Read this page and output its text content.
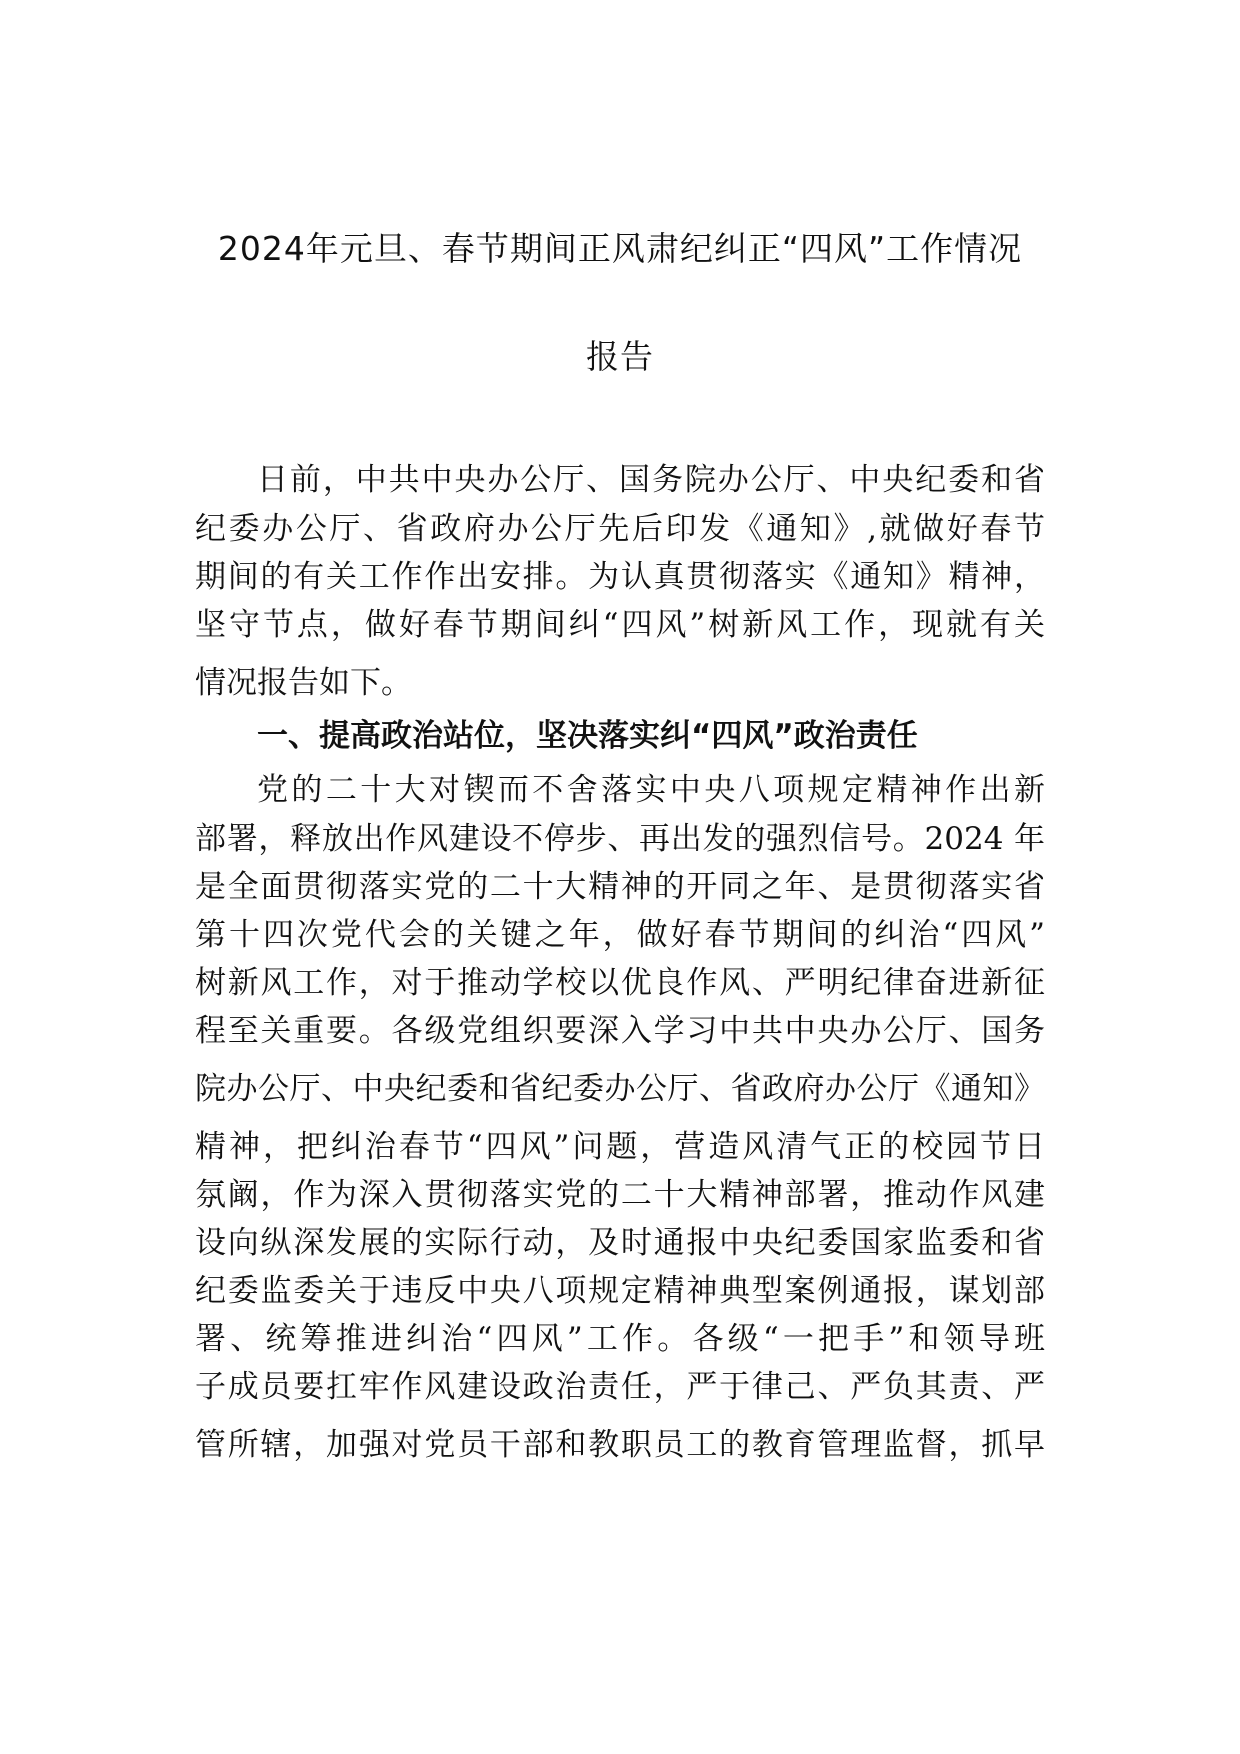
2024年元旦、春节期间正风肃纪纠正“四风”工作情况
报告

日前，中共中央办公厅、国务院办公厅、中央纪委和省

纪委办公厅、省政府办公厅先后印发《通知》,就做好春节

期间的有关工作作出安排。为认真贯彻落实《通知》精神，

坚守节点，做好春节期间纠“四风”树新风工作，现就有关

情况报告如下。

一、提高政治站位，坚决落实纠“四风”政治责任

党的二十大对锲而不舍落实中央八项规定精神作出新

部署，释放出作风建设不停步、再出发的强烈信号。2024 年

是全面贯彻落实党的二十大精神的开同之年、是贯彻落实省

第十四次党代会的关键之年，做好春节期间的纠治“四风”

树新风工作，对于推动学校以优良作风、严明纪律奋进新征

程至关重要。各级党组织要深入学习中共中央办公厅、国务

院办公厅、中央纪委和省纪委办公厅、省政府办公厅《通知》

精神，把纠治春节“四风”问题，营造风清气正的校园节日

氛阚，作为深入贯彻落实党的二十大精神部署，推动作风建

设向纵深发展的实际行动，及时通报中央纪委国家监委和省

纪委监委关于违反中央八项规定精神典型案例通报，谋划部

署、统筹推进纠治“四风”工作。各级“一把手”和领导班

子成员要扛牢作风建设政治责任，严于律己、严负其责、严

管所辖，加强对党员干部和教职员工的教育管理监督，抓早
